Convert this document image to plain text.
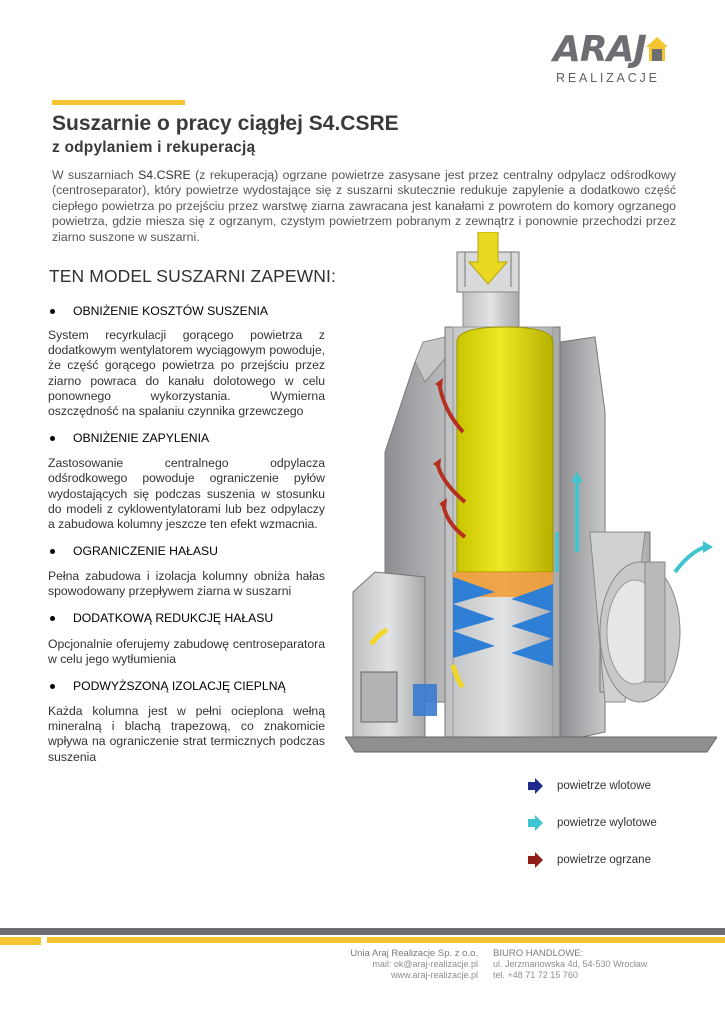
ARAJ
REALIZACJE
Suszarnie o pracy ciągłej S4.CSRE
z odpylaniem i rekuperacją

W suszarniach S4.CSRE (z rekuperacją) ogrzane powietrze zasysane jest przez centralny odpylacz odśrodkowy (centroseparator), który powietrze wydostające się z suszarni skutecznie redukuje zapylenie a dodatkowo część ciepłego powietrza po przejściu przez warstwę ziarna zawracana jest kanałami z powrotem do komory ogrzanego powietrza, gdzie miesza się z ogrzanym, czystym powietrzem pobranym z zewnątrz i ponownie przechodzi przez ziarno suszone w suszarni.

TEN MODEL SUSZARNI ZAPEWNI:
OBNIŻENIE KOSZTÓW SUSZENIA

System recyrkulacji gorącego powietrza z dodatkowym wentylatorem wyciągowym powoduje, że część gorącego powietrza po przejściu przez ziarno powraca do kanału dolotowego w celu ponownego wykorzystania. Wymierna oszczędność na spalaniu czynnika grzewczego

OBNIŻENIE ZAPYLENIA

Zastosowanie centralnego odpylacza odśrodkowego powoduje ograniczenie pyłów wydostających się podczas suszenia w stosunku do modeli z cyklowentylatorami lub bez odpylaczy a zabudowa kolumny jeszcze ten efekt wzmacnia.

OGRANICZENIE HAŁASU

Pełna zabudowa i izolacja kolumny obniża hałas spowodowany przepływem ziarna w suszarni

DODATKOWĄ REDUKCJĘ HAŁASU

Opcjonalnie oferujemy zabudowę centroseparatora w celu jego wytłumienia

PODWYŻSZONĄ IZOLACJĘ CIEPLNĄ

Każda kolumna jest w pełni ocieplona wełną mineralną i blachą trapezową, co znakomicie wpływa na ograniczenie strat termicznych podczas suszenia

powietrze wlotowe
powietrze wylotowe
powietrze ogrzane
Unia Araj Realizacje Sp. z o.o.
mail: ok@araj-realizacje.pl
www.araj-realizacje.pl
BIURO HANDLOWE:
ul. Jerzmanowska 4d, 54-530 Wrocław
tel. +48 71 72 15 760
